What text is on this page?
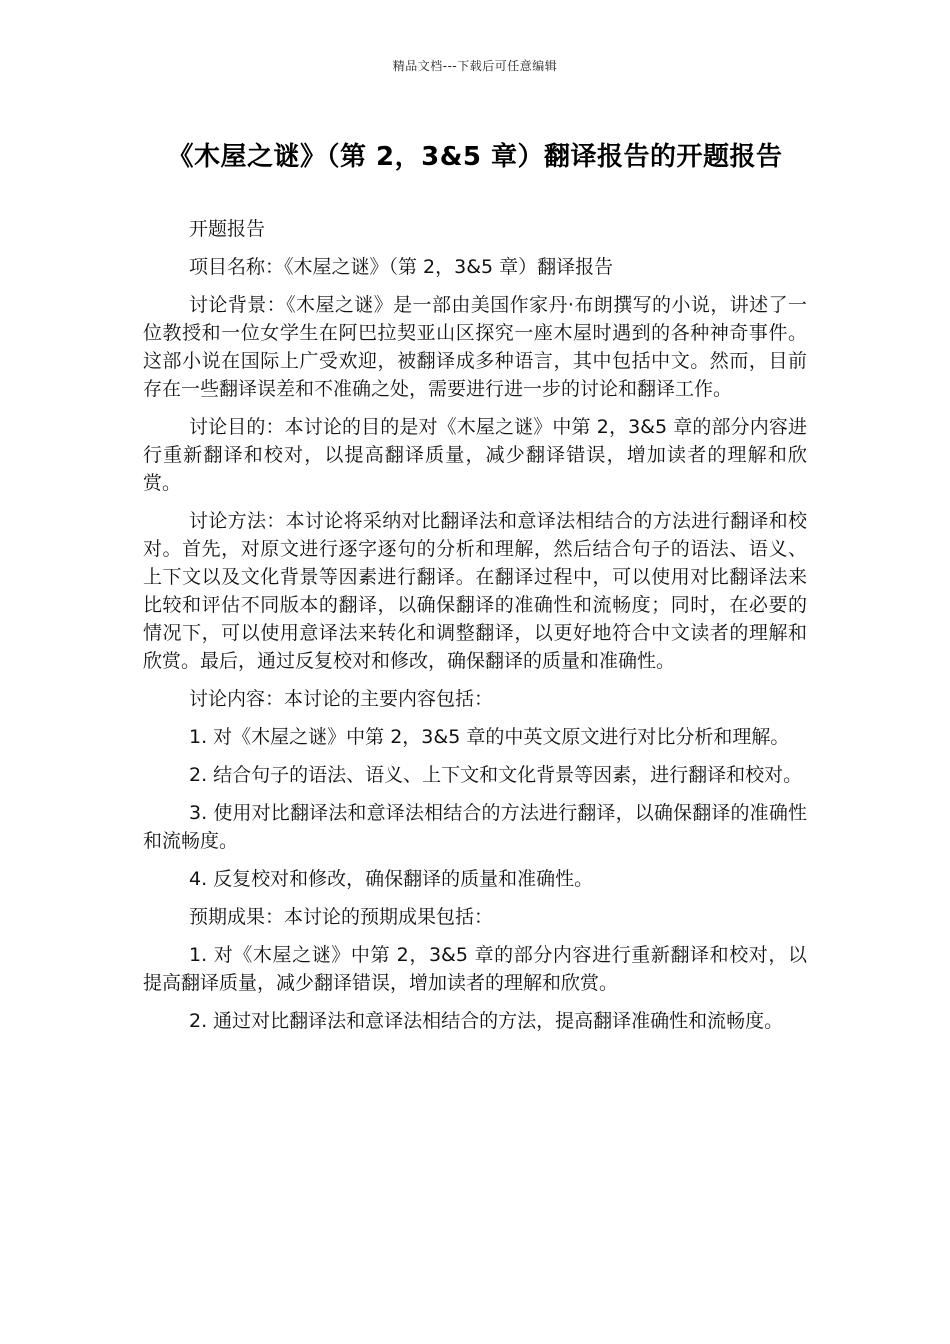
精品文档---下载后可任意编辑
《木屋之谜》（第 2，3&5 章）翻译报告的开题报告

开题报告

项目名称：《木屋之谜》（第 2，3&5 章）翻译报告

讨论背景：《木屋之谜》是一部由美国作家丹·布朗撰写的小说，讲述了一位教授和一位女学生在阿巴拉契亚山区探究一座木屋时遇到的各种神奇事件。这部小说在国际上广受欢迎，被翻译成多种语言，其中包括中文。然而，目前存在一些翻译误差和不准确之处，需要进行进一步的讨论和翻译工作。

讨论目的：本讨论的目的是对《木屋之谜》中第 2，3&5 章的部分内容进行重新翻译和校对，以提高翻译质量，减少翻译错误，增加读者的理解和欣赏。

讨论方法：本讨论将采纳对比翻译法和意译法相结合的方法进行翻译和校对。首先，对原文进行逐字逐句的分析和理解，然后结合句子的语法、语义、上下文以及文化背景等因素进行翻译。在翻译过程中，可以使用对比翻译法来比较和评估不同版本的翻译，以确保翻译的准确性和流畅度；同时，在必要的情况下，可以使用意译法来转化和调整翻译，以更好地符合中文读者的理解和欣赏。最后，通过反复校对和修改，确保翻译的质量和准确性。

讨论内容：本讨论的主要内容包括：

1. 对《木屋之谜》中第 2，3&5 章的中英文原文进行对比分析和理解。

2. 结合句子的语法、语义、上下文和文化背景等因素，进行翻译和校对。

3. 使用对比翻译法和意译法相结合的方法进行翻译，以确保翻译的准确性和流畅度。

4. 反复校对和修改，确保翻译的质量和准确性。

预期成果：本讨论的预期成果包括：

1. 对《木屋之谜》中第 2，3&5 章的部分内容进行重新翻译和校对，以提高翻译质量，减少翻译错误，增加读者的理解和欣赏。

2. 通过对比翻译法和意译法相结合的方法，提高翻译准确性和流畅度。
